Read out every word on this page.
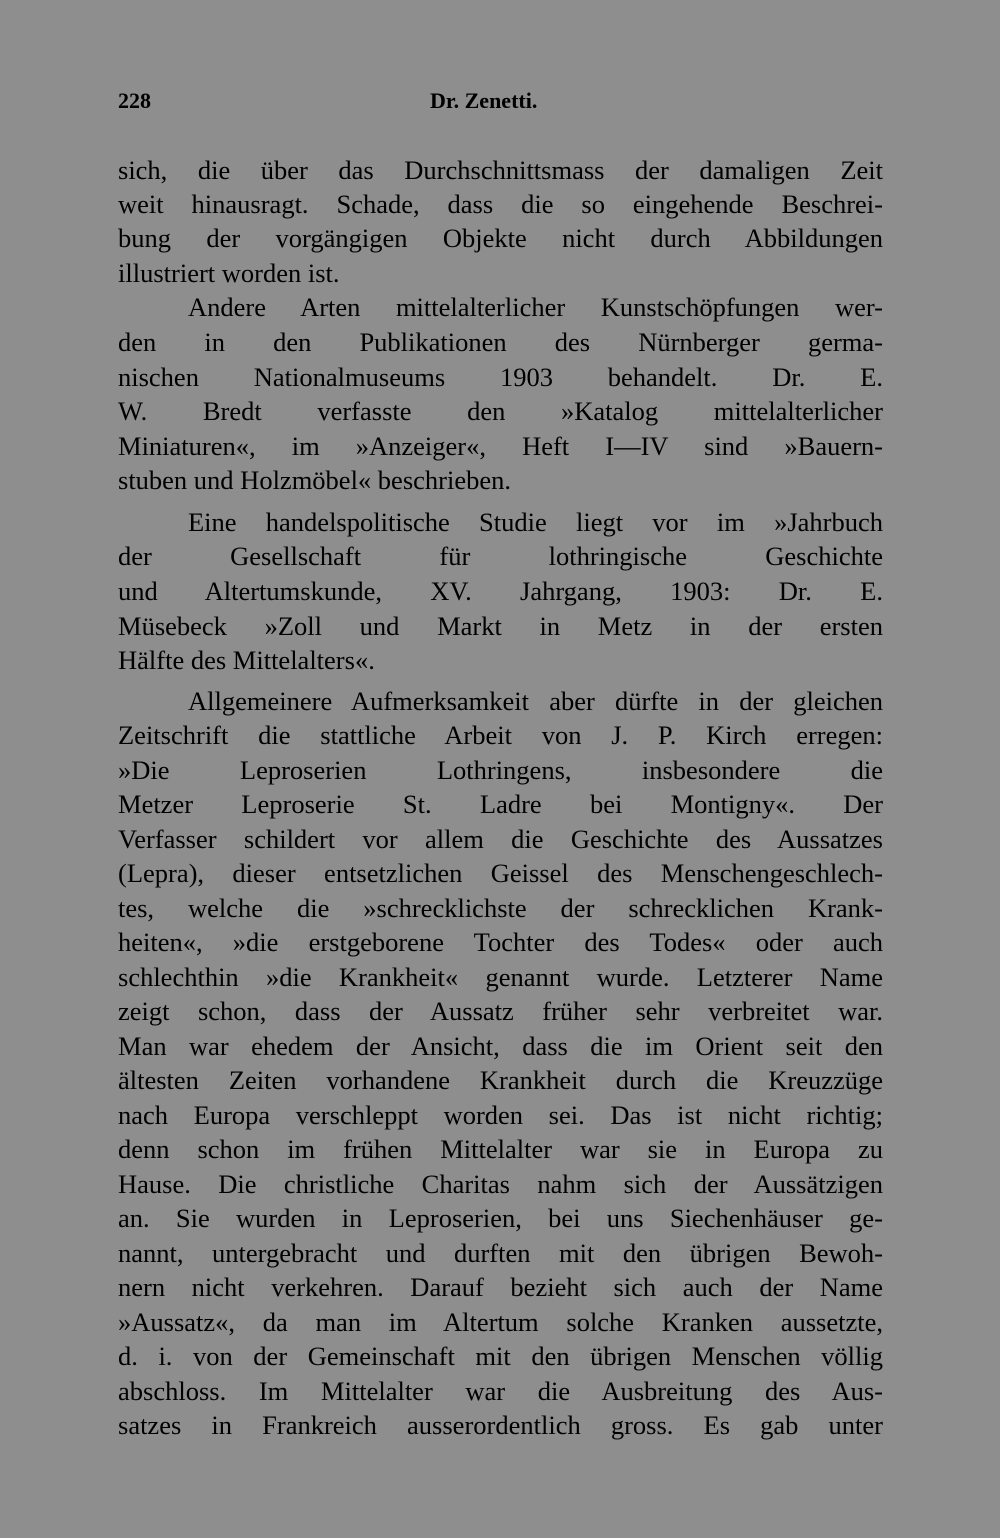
228	Dr. Zenetti.
sich, die über das Durchschnittsmass der damaligen Zeit
weit hinausragt. Schade, dass die so eingehende Beschrei-
bung der vorgängigen Objekte nicht durch Abbildungen
illustriert worden ist.
Andere Arten mittelalterlicher Kunstschöpfungen wer-
den in den Publikationen des Nürnberger germa-
nischen Nationalmuseums 1903 behandelt. Dr. E.
W. Bredt verfasste den »Katalog mittelalterlicher
Miniaturen«, im »Anzeiger«, Heft I—IV sind »Bauern-
stuben und Holzmöbel« beschrieben.
Eine handelspolitische Studie liegt vor im »Jahrbuch
der Gesellschaft für lothringische Geschichte
und Altertumskunde, XV. Jahrgang, 1903: Dr. E.
Müsebeck »Zoll und Markt in Metz in der ersten
Hälfte des Mittelalters«.
Allgemeinere Aufmerksamkeit aber dürfte in der gleichen
Zeitschrift die stattliche Arbeit von J. P. Kirch erregen:
»Die Leproserien Lothringens, insbesondere die
Metzer Leproserie St. Ladre bei Montigny«. Der
Verfasser schildert vor allem die Geschichte des Aussatzes
(Lepra), dieser entsetzlichen Geissel des Menschengeschlech-
tes, welche die »schrecklichste der schrecklichen Krank-
heiten«, »die erstgeborene Tochter des Todes« oder auch
schlechthin »die Krankheit« genannt wurde. Letzterer Name
zeigt schon, dass der Aussatz früher sehr verbreitet war.
Man war ehedem der Ansicht, dass die im Orient seit den
ältesten Zeiten vorhandene Krankheit durch die Kreuzzüge
nach Europa verschleppt worden sei. Das ist nicht richtig;
denn schon im frühen Mittelalter war sie in Europa zu
Hause. Die christliche Charitas nahm sich der Aussätzigen
an. Sie wurden in Leproserien, bei uns Siechenhäuser ge-
nannt, untergebracht und durften mit den übrigen Bewoh-
nern nicht verkehren. Darauf bezieht sich auch der Name
»Aussatz«, da man im Altertum solche Kranken aussetzte,
d. i. von der Gemeinschaft mit den übrigen Menschen völlig
abschloss. Im Mittelalter war die Ausbreitung des Aus-
satzes in Frankreich ausserordentlich gross. Es gab unter
